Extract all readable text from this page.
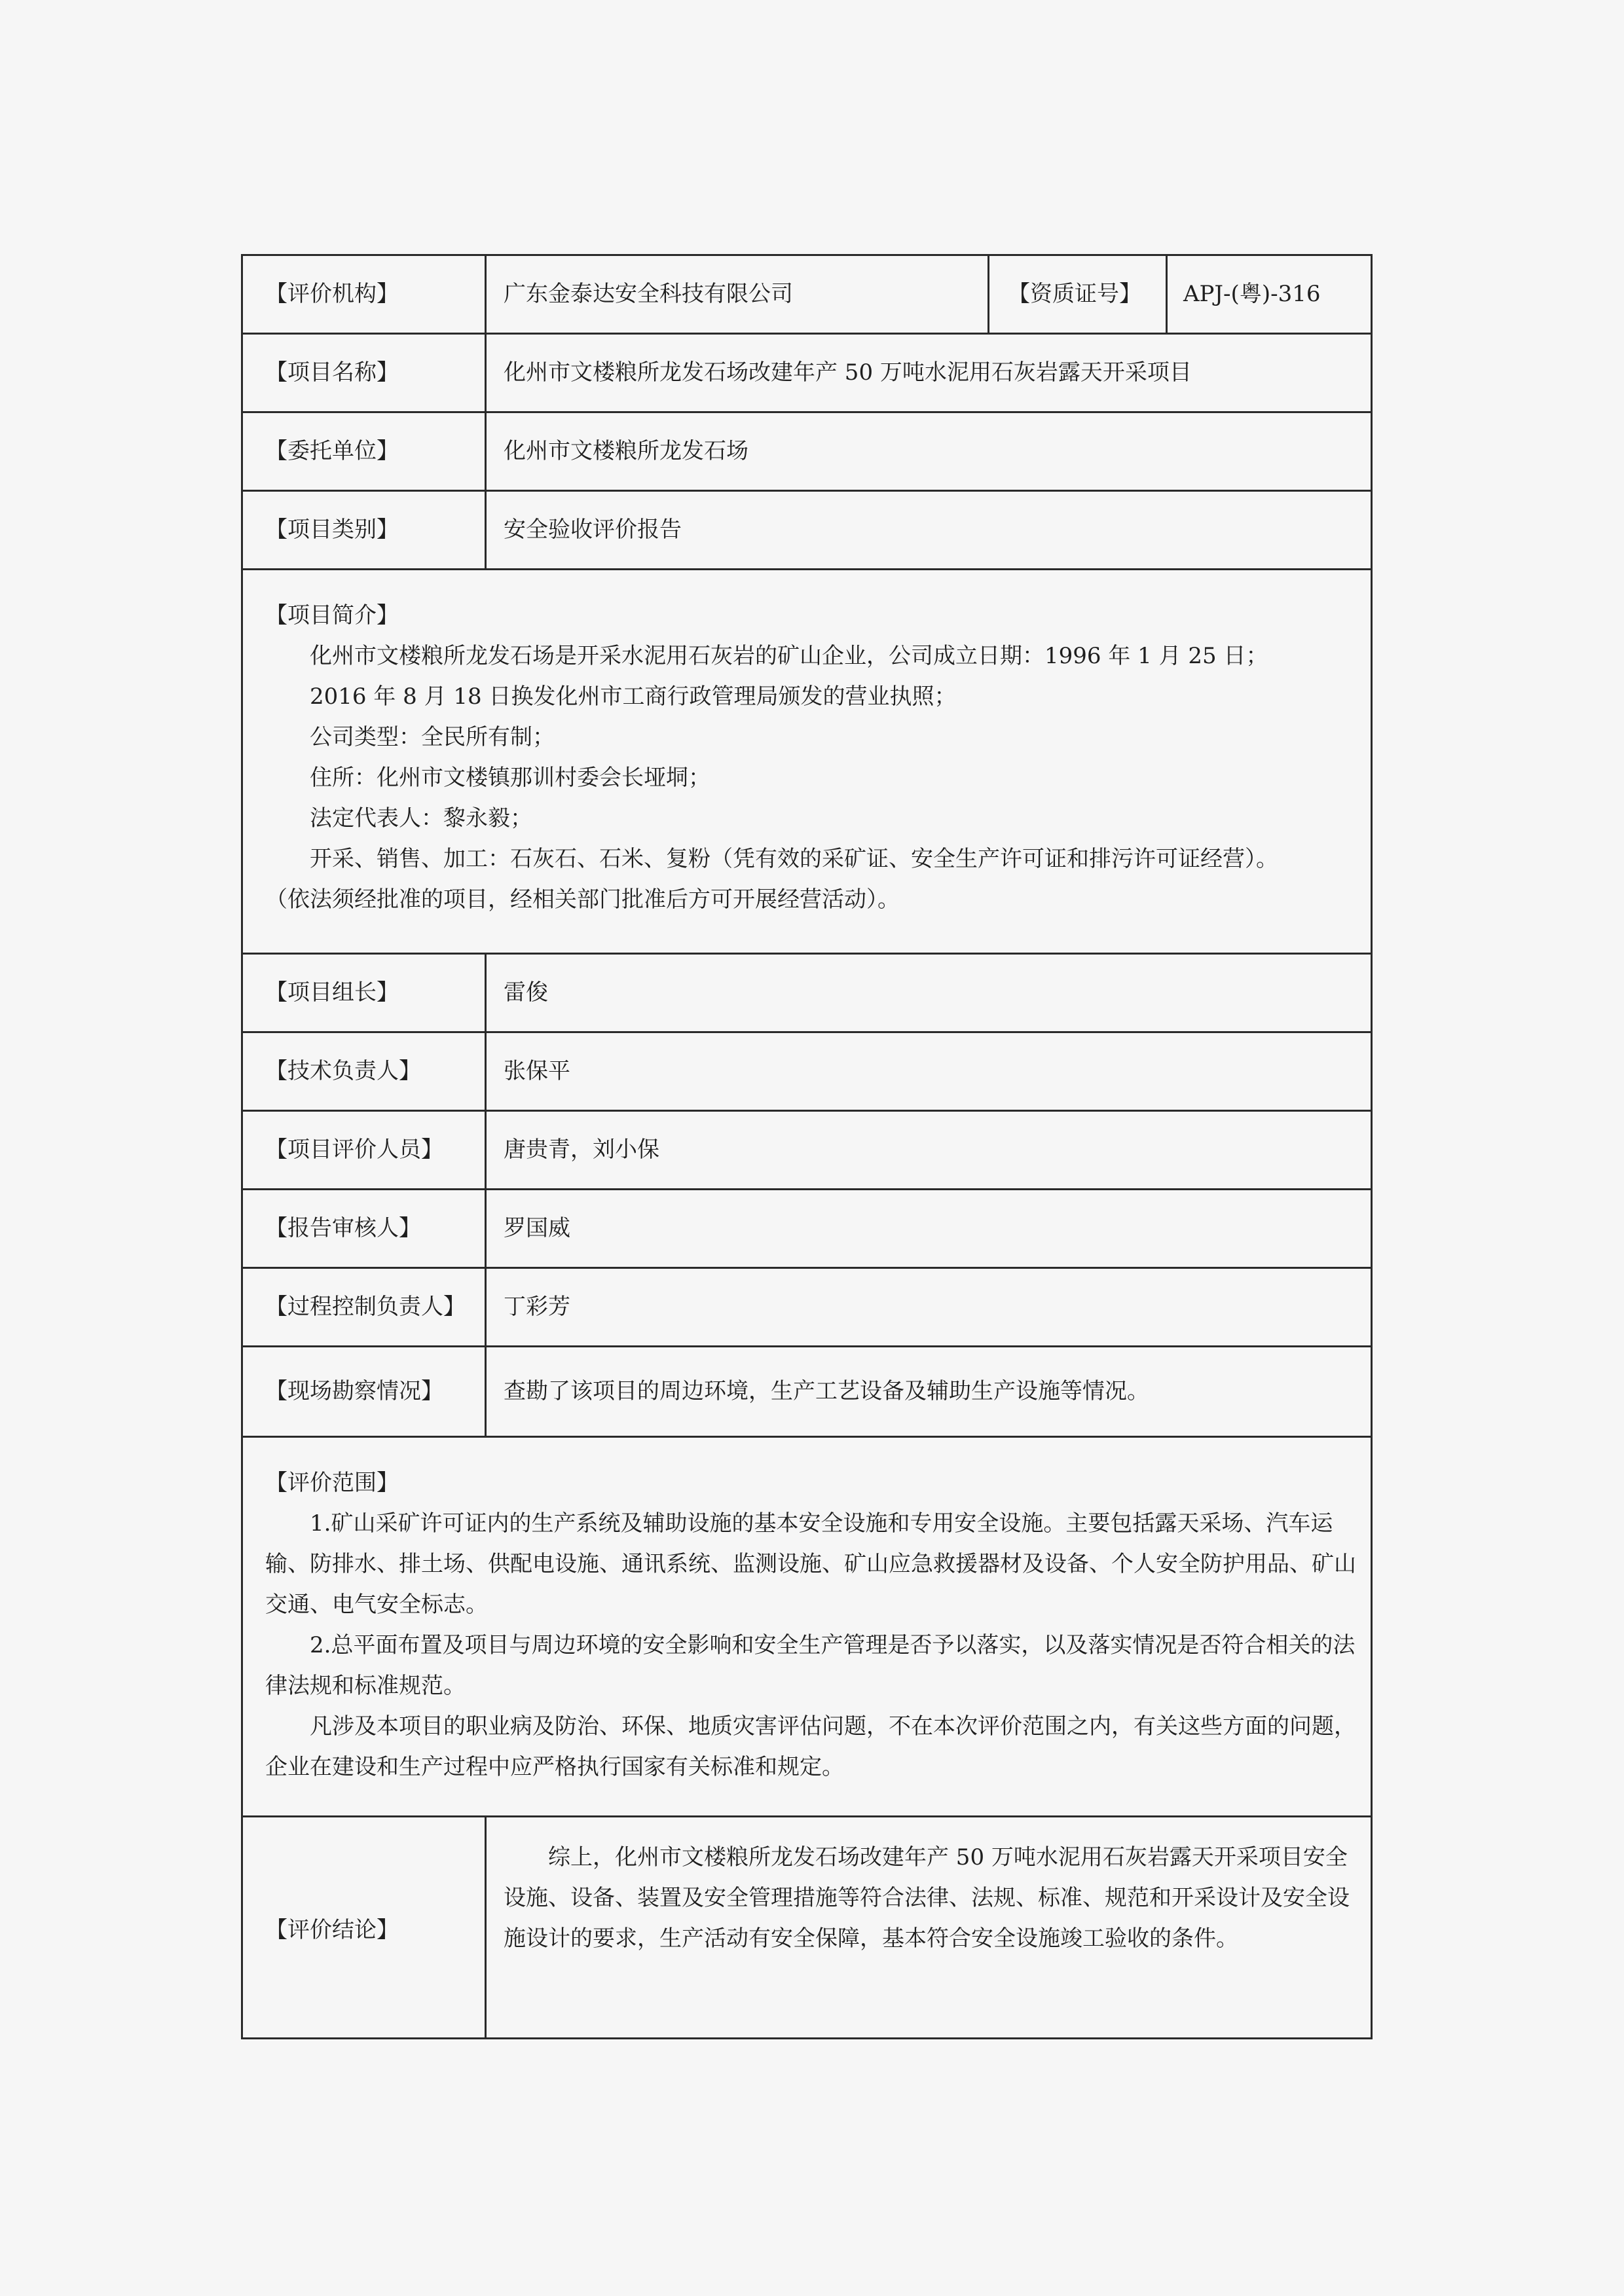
【评价机构】	广东金泰达安全科技有限公司	【资质证号】	APJ-(粤)-316
【项目名称】	化州市文楼粮所龙发石场改建年产 50 万吨水泥用石灰岩露天开采项目
【委托单位】	化州市文楼粮所龙发石场
【项目类别】	安全验收评价报告
【项目简介】

化州市文楼粮所龙发石场是开采水泥用石灰岩的矿山企业，公司成立日期：1996 年 1 月 25 日；

2016 年 8 月 18 日换发化州市工商行政管理局颁发的营业执照；

公司类型：全民所有制；

住所：化州市文楼镇那训村委会长垭垌；

法定代表人：黎永毅；

开采、销售、加工：石灰石、石米、复粉（凭有效的采矿证、安全生产许可证和排污许可证经营）。

（依法须经批准的项目，经相关部门批准后方可开展经营活动）。

【项目组长】	雷俊
【技术负责人】	张保平
【项目评价人员】	唐贵青，刘小保
【报告审核人】	罗国威
【过程控制负责人】	丁彩芳
【现场勘察情况】	查勘了该项目的周边环境，生产工艺设备及辅助生产设施等情况。
【评价范围】

1.矿山采矿许可证内的生产系统及辅助设施的基本安全设施和专用安全设施。主要包括露天采场、汽车运输、防排水、排土场、供配电设施、通讯系统、监测设施、矿山应急救援器材及设备、个人安全防护用品、矿山交通、电气安全标志。

2.总平面布置及项目与周边环境的安全影响和安全生产管理是否予以落实，以及落实情况是否符合相关的法律法规和标准规范。

凡涉及本项目的职业病及防治、环保、地质灾害评估问题，不在本次评价范围之内，有关这些方面的问题，企业在建设和生产过程中应严格执行国家有关标准和规定。

【评价结论】

综上，化州市文楼粮所龙发石场改建年产 50 万吨水泥用石灰岩露天开采项目安全设施、设备、装置及安全管理措施等符合法律、法规、标准、规范和开采设计及安全设施设计的要求，生产活动有安全保障，基本符合安全设施竣工验收的条件。
